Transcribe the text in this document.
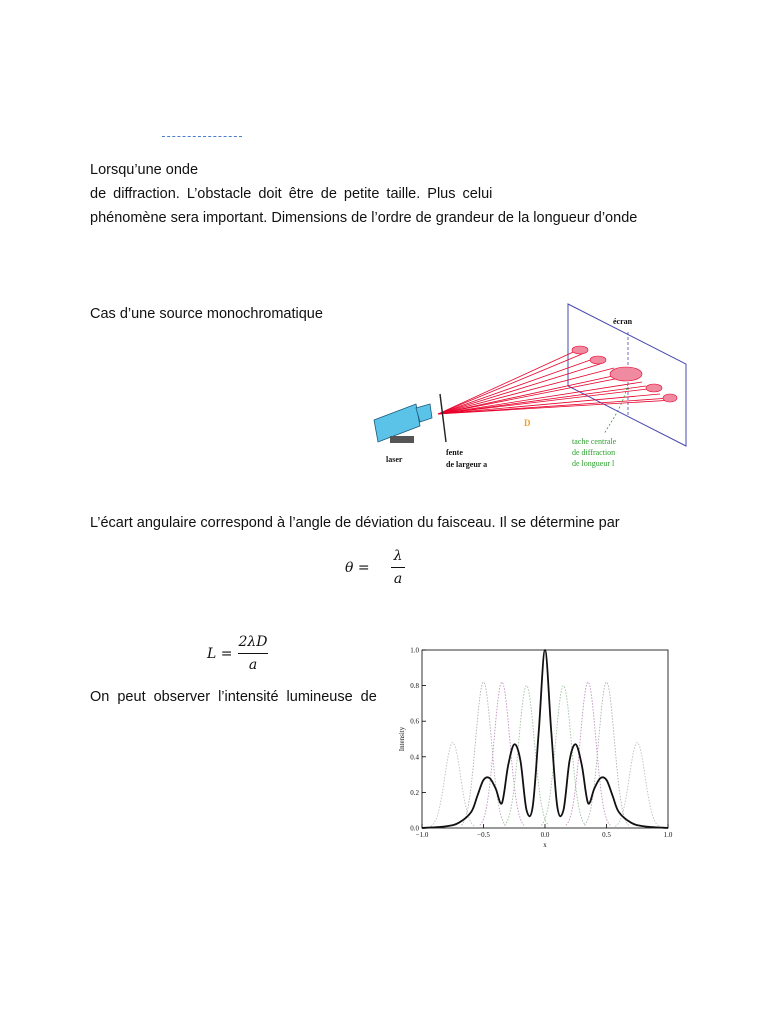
Lorsqu’une onde
de diffraction. L’obstacle doit être de petite taille. Plus celui
phénomène sera important. Dimensions de l’ordre de grandeur de la longueur d’onde
Cas d’une source monochromatique	écran
D
laser
fente
de largeur a
tache centrale
de diffraction
de longueur l
L’écart angulaire correspond à l’angle de déviation du faisceau. Il se détermine par
θ =
λ
a
L =
2λD
a
On peut observer l’intensité lumineuse de
−1.0	−0.5	0.0	0.5	1.0
0.0
0.2
0.4
0.6
0.8
1.0
x
Intensity
